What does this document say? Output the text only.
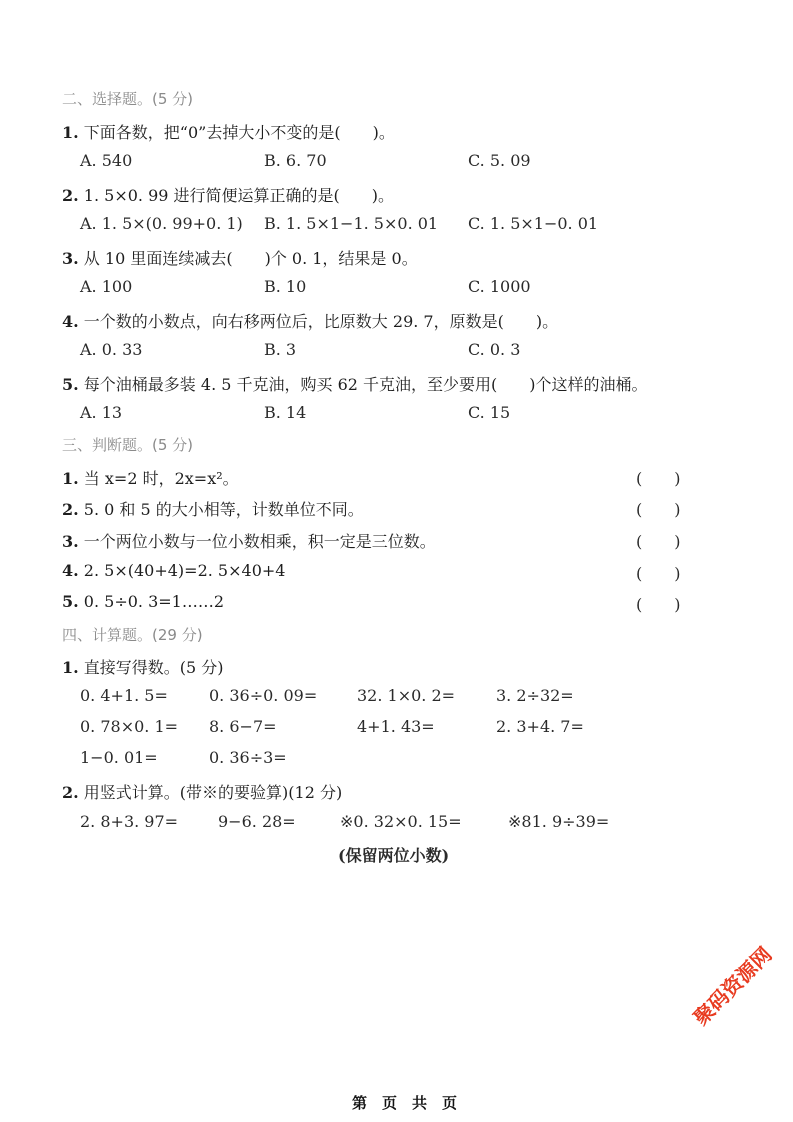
二、选择题。(5 分)
1. 下面各数，把“0”去掉大小不变的是(　　)。
A. 540	B. 6. 70	C. 5. 09
2. 1. 5×0. 99 进行简便运算正确的是(　　)。
A. 1. 5×(0. 99+0. 1) B. 1. 5×1−1. 5×0. 01 C. 1. 5×1−0. 01
3. 从 10 里面连续减去(　　)个 0. 1，结果是 0。
A. 100	B. 10	C. 1000
4. 一个数的小数点，向右移两位后，比原数大 29. 7，原数是(　　)。
A. 0. 33	B. 3	C. 0. 3
5. 每个油桶最多装 4. 5 千克油，购买 62 千克油，至少要用(　　)个这样的油桶。
A. 13	B. 14	C. 15
三、判断题。(5 分)
1. 当 x=2 时，2x=x²。	(　　)
2. 5. 0 和 5 的大小相等，计数单位不同。	(　　)
3. 一个两位小数与一位小数相乘，积一定是三位数。	(　　)
4. 2. 5×(40+4)=2. 5×40+4	(　　)
5. 0. 5÷0. 3=1……2	(　　)
四、计算题。(29 分)
1. 直接写得数。(5 分)
0. 4+1. 5=	0. 36÷0. 09= 32. 1×0. 2=	3. 2÷32=
0. 78×0. 1= 8. 6−7=	4+1. 43=	2. 3+4. 7=
1−0. 01=	0. 36÷3=
2. 用竖式计算。(带※的要验算)(12 分)
2. 8+3. 97= 9−6. 28=	※0. 32×0. 15=	※81. 9÷39=
(保留两位小数)
聚码资源网
第　页　共　页
